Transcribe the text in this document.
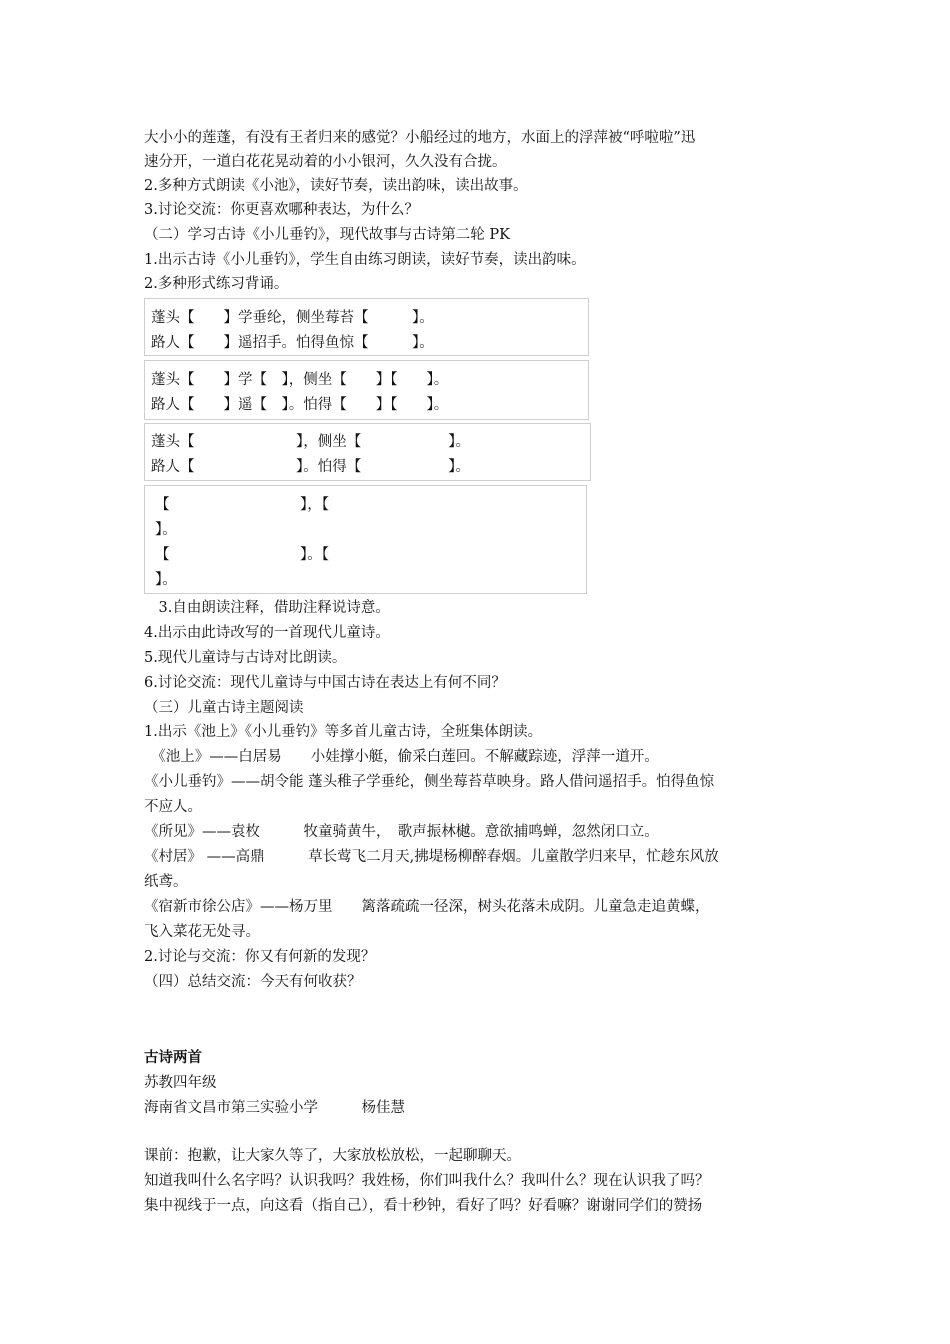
大小小的莲蓬，有没有王者归来的感觉？小船经过的地方，水面上的浮萍被“呼啦啦”迅
速分开，一道白花花晃动着的小小银河，久久没有合拢。
2.多种方式朗读《小池》，读好节奏，读出韵味，读出故事。
3.讨论交流：你更喜欢哪种表达，为什么？
（二）学习古诗《小儿垂钓》，现代故事与古诗第二轮 PK
1.出示古诗《小儿垂钓》，学生自由练习朗读，读好节奏，读出韵味。
2.多种形式练习背诵。
蓬头【　　】学垂纶，侧坐莓苔【　　　】。
路人【　　】遥招手。怕得鱼惊【　　　】。
蓬头【　　】学【　】，侧坐【　　】【　　】。
路人【　　】遥【　】。怕得【　　】【　　】。
蓬头【　　　　　　　】，侧坐【　　　　　　】。
路人【　　　　　　　】。怕得【　　　　　　】。
【　　　　　　　　　】，【
】。
【　　　　　　　　　】。【
】。
　3.自由朗读注释，借助注释说诗意。
4.出示由此诗改写的一首现代儿童诗。
5.现代儿童诗与古诗对比朗读。
6.讨论交流：现代儿童诗与中国古诗在表达上有何不同？
（三）儿童古诗主题阅读
1.出示《池上》《小儿垂钓》等多首儿童古诗，全班集体朗读。
　《池上》——白居易　　小娃撑小艇，偷采白莲回。不解藏踪迹，浮萍一道开。
《小儿垂钓》——胡令能 蓬头稚子学垂纶，侧坐莓苔草映身。路人借问遥招手。怕得鱼惊
不应人。
《所见》——袁枚　　　牧童骑黄牛，　歌声振林樾。意欲捕鸣蝉，忽然闭口立。
《村居》 ——高鼎　　　草长莺飞二月天,拂堤杨柳醉春烟。儿童散学归来早，忙趁东风放
纸鸢。
《宿新市徐公店》——杨万里　　篱落疏疏一径深，树头花落未成阴。儿童急走追黄蝶，
飞入菜花无处寻。
2.讨论与交流：你又有何新的发现？
（四）总结交流：今天有何收获？
古诗两首
苏教四年级
海南省文昌市第三实验小学　　　杨佳慧
课前：抱歉，让大家久等了，大家放松放松，一起聊聊天。
知道我叫什么名字吗？认识我吗？我姓杨，你们叫我什么？我叫什么？现在认识我了吗？
集中视线于一点，向这看（指自己），看十秒钟，看好了吗？好看嘛？谢谢同学们的赞扬
